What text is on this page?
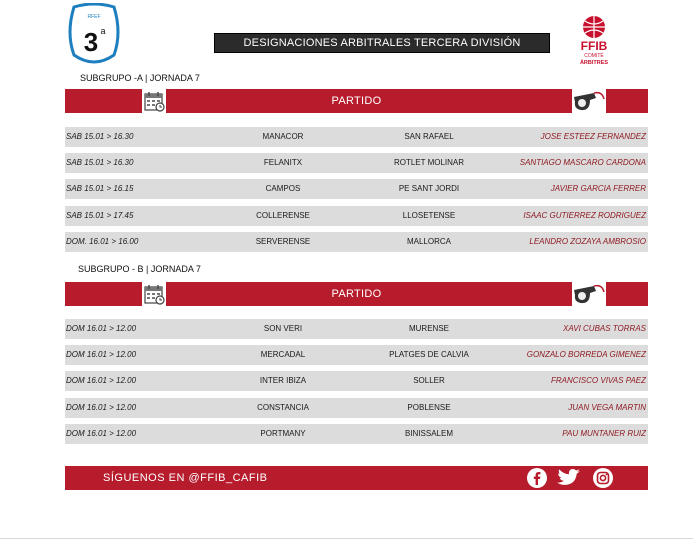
RFEF
3 a
DESIGNACIONES ARBITRALES TERCERA DIVISIÓN	FFIB
COMITÉ
ÀRBITRES
SUBGRUPO -A | JORNADA 7
PARTIDO
SAB 15.01 > 16.30	MANACOR	SAN RAFAEL	JOSE ESTEEZ FERNANDEZ
SAB 15.01 > 16.30	FELANITX	ROTLET MOLINAR	SANTIAGO MASCARO CARDONA
SAB 15.01 > 16.15	CAMPOS	PE SANT JORDI	JAVIER GARCIA FERRER
SAB 15.01 > 17.45	COLLERENSE	LLOSETENSE	ISAAC GUTIERREZ RODRIGUEZ
DOM. 16.01 > 16.00	SERVERENSE	MALLORCA	LEANDRO ZOZAYA AMBROSIO
SUBGRUPO - B | JORNADA 7
PARTIDO
DOM 16.01 > 12.00	SON VERI	MURENSE	XAVI CUBAS TORRAS
DOM 16.01 > 12.00	MERCADAL	PLATGES DE CALVIA	GONZALO BORREDA GIMENEZ
DOM 16.01 > 12.00	INTER IBIZA	SOLLER	FRANCISCO VIVAS PAEZ
DOM 16.01 > 12.00	CONSTANCIA	POBLENSE	JUAN VEGA MARTIN
DOM 16.01 > 12.00	PORTMANY	BINISSALEM	PAU MUNTANER RUIZ
SÍGUENOS EN @FFIB_CAFIB
